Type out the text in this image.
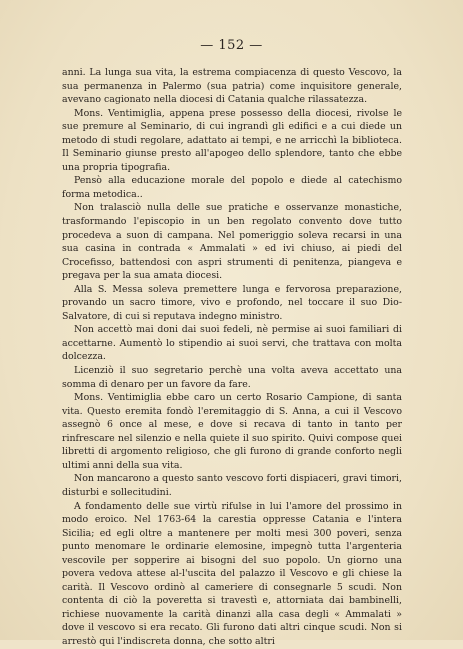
— 152 —

anni. La lunga sua vita, la estrema compiacenza di questo Vescovo, la sua permanenza in Palermo (sua patria) come inquisitore generale, avevano cagionato nella diocesi di Catania qualche rilassatezza.

Mons. Ventimiglia, appena prese possesso della diocesi, rivolse le sue premure al Seminario, di cui ingrandì gli edifici e a cui diede un metodo di studi regolare, adattato ai tempi, e ne arricchì la biblioteca. Il Seminario giunse presto all'apogeo dello splendore, tanto che ebbe una propria tipografia.

Pensò alla educazione morale del popolo e diede al catechismo forma metodica..

Non tralasciò nulla delle sue pratiche e osservanze monastiche, trasformando l'episcopio in un ben regolato convento dove tutto procedeva a suon di campana. Nel pomeriggio soleva recarsi in una sua casina in contrada « Ammalati » ed ivi chiuso, ai piedi del Crocefisso, battendosi con aspri strumenti di penitenza, piangeva e pregava per la sua amata diocesi.

Alla S. Messa soleva premettere lunga e fervorosa preparazione, provando un sacro timore, vivo e profondo, nel toccare il suo Dio-Salvatore, di cui si reputava indegno ministro.

Non accettò mai doni dai suoi fedeli, nè permise ai suoi familiari di accettarne. Aumentò lo stipendio ai suoi servi, che trattava con molta dolcezza.

Licenziò il suo segretario perchè una volta aveva accettato una somma di denaro per un favore da fare.

Mons. Ventimiglia ebbe caro un certo Rosario Campione, di santa vita. Questo eremita fondò l'eremitaggio di S. Anna, a cui il Vescovo assegnò 6 once al mese, e dove si recava di tanto in tanto per rinfrescare nel silenzio e nella quiete il suo spirito. Quivi compose quei libretti di argomento religioso, che gli furono di grande conforto negli ultimi anni della sua vita.

Non mancarono a questo santo vescovo forti dispiaceri, gravi timori, disturbi e sollecitudini.

A fondamento delle sue virtù rifulse in lui l'amore del prossimo in modo eroico. Nel 1763-64 la carestia oppresse Catania e l'intera Sicilia; ed egli oltre a mantenere per molti mesi 300 poveri, senza punto menomare le ordinarie elemosine, impegnò tutta l'argenteria vescovile per sopperire ai bisogni del suo popolo. Un giorno una povera vedova attese al-l'uscita del palazzo il Vescovo e gli chiese la carità. Il Vescovo ordinò al cameriere di consegnarle 5 scudi. Non contenta di ciò la poveretta si travestì e, attorniata dai bambinelli, richiese nuovamente la carità dinanzi alla casa degli « Ammalati » dove il vescovo si era recato. Gli furono dati altri cinque scudi. Non si arrestò qui l'indiscreta donna, che sotto altri
